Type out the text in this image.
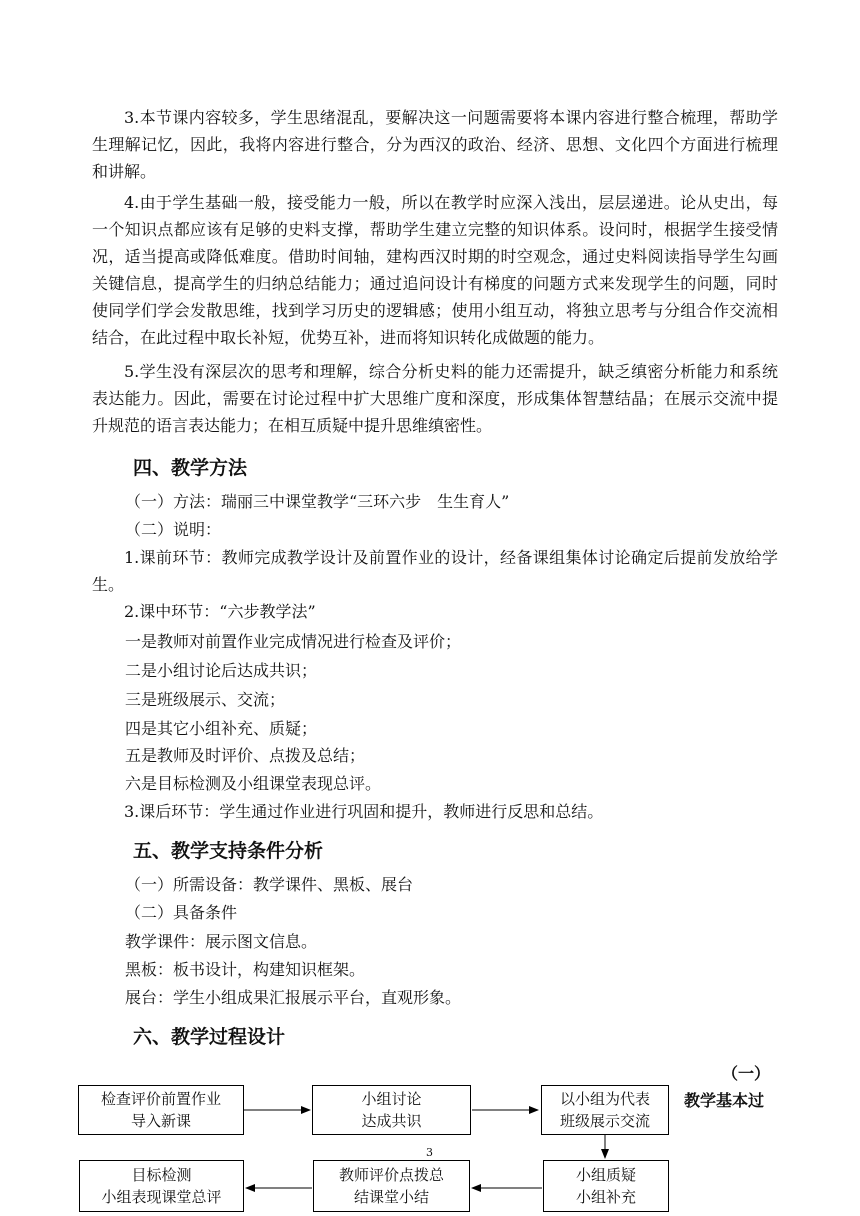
3.本节课内容较多，学生思绪混乱，要解决这一问题需要将本课内容进行整合梳理，帮助学生理解记忆，因此，我将内容进行整合，分为西汉的政治、经济、思想、文化四个方面进行梳理和讲解。

4.由于学生基础一般，接受能力一般，所以在教学时应深入浅出，层层递进。论从史出，每一个知识点都应该有足够的史料支撑，帮助学生建立完整的知识体系。设问时，根据学生接受情况，适当提高或降低难度。借助时间轴，建构西汉时期的时空观念，通过史料阅读指导学生勾画关键信息，提高学生的归纳总结能力；通过追问设计有梯度的问题方式来发现学生的问题，同时使同学们学会发散思维，找到学习历史的逻辑感；使用小组互动，将独立思考与分组合作交流相结合，在此过程中取长补短，优势互补，进而将知识转化成做题的能力。

5.学生没有深层次的思考和理解，综合分析史料的能力还需提升，缺乏缜密分析能力和系统表达能力。因此，需要在讨论过程中扩大思维广度和深度，形成集体智慧结晶；在展示交流中提升规范的语言表达能力；在相互质疑中提升思维缜密性。

四、教学方法
（一）方法：瑞丽三中课堂教学“三环六步　生生育人”
（二）说明：

1.课前环节：教师完成教学设计及前置作业的设计，经备课组集体讨论确定后提前发放给学生。

2.课中环节：“六步教学法”
一是教师对前置作业完成情况进行检查及评价；
二是小组讨论后达成共识；
三是班级展示、交流；
四是其它小组补充、质疑；
五是教师及时评价、点拨及总结；
六是目标检测及小组课堂表现总评。
3.课后环节：学生通过作业进行巩固和提升，教师进行反思和总结。
五、教学支持条件分析
（一）所需设备：教学课件、黑板、展台
（二）具备条件
教学课件：展示图文信息。
黑板：板书设计，构建知识框架。
展台：学生小组成果汇报展示平台，直观形象。
六、教学过程设计
（一）
教学基本过
检查评价前置作业
导入新课
小组讨论
达成共识
以小组为代表
班级展示交流
小组质疑
小组补充
教师评价点拨总
结课堂小结
目标检测
小组表现课堂总评
3
